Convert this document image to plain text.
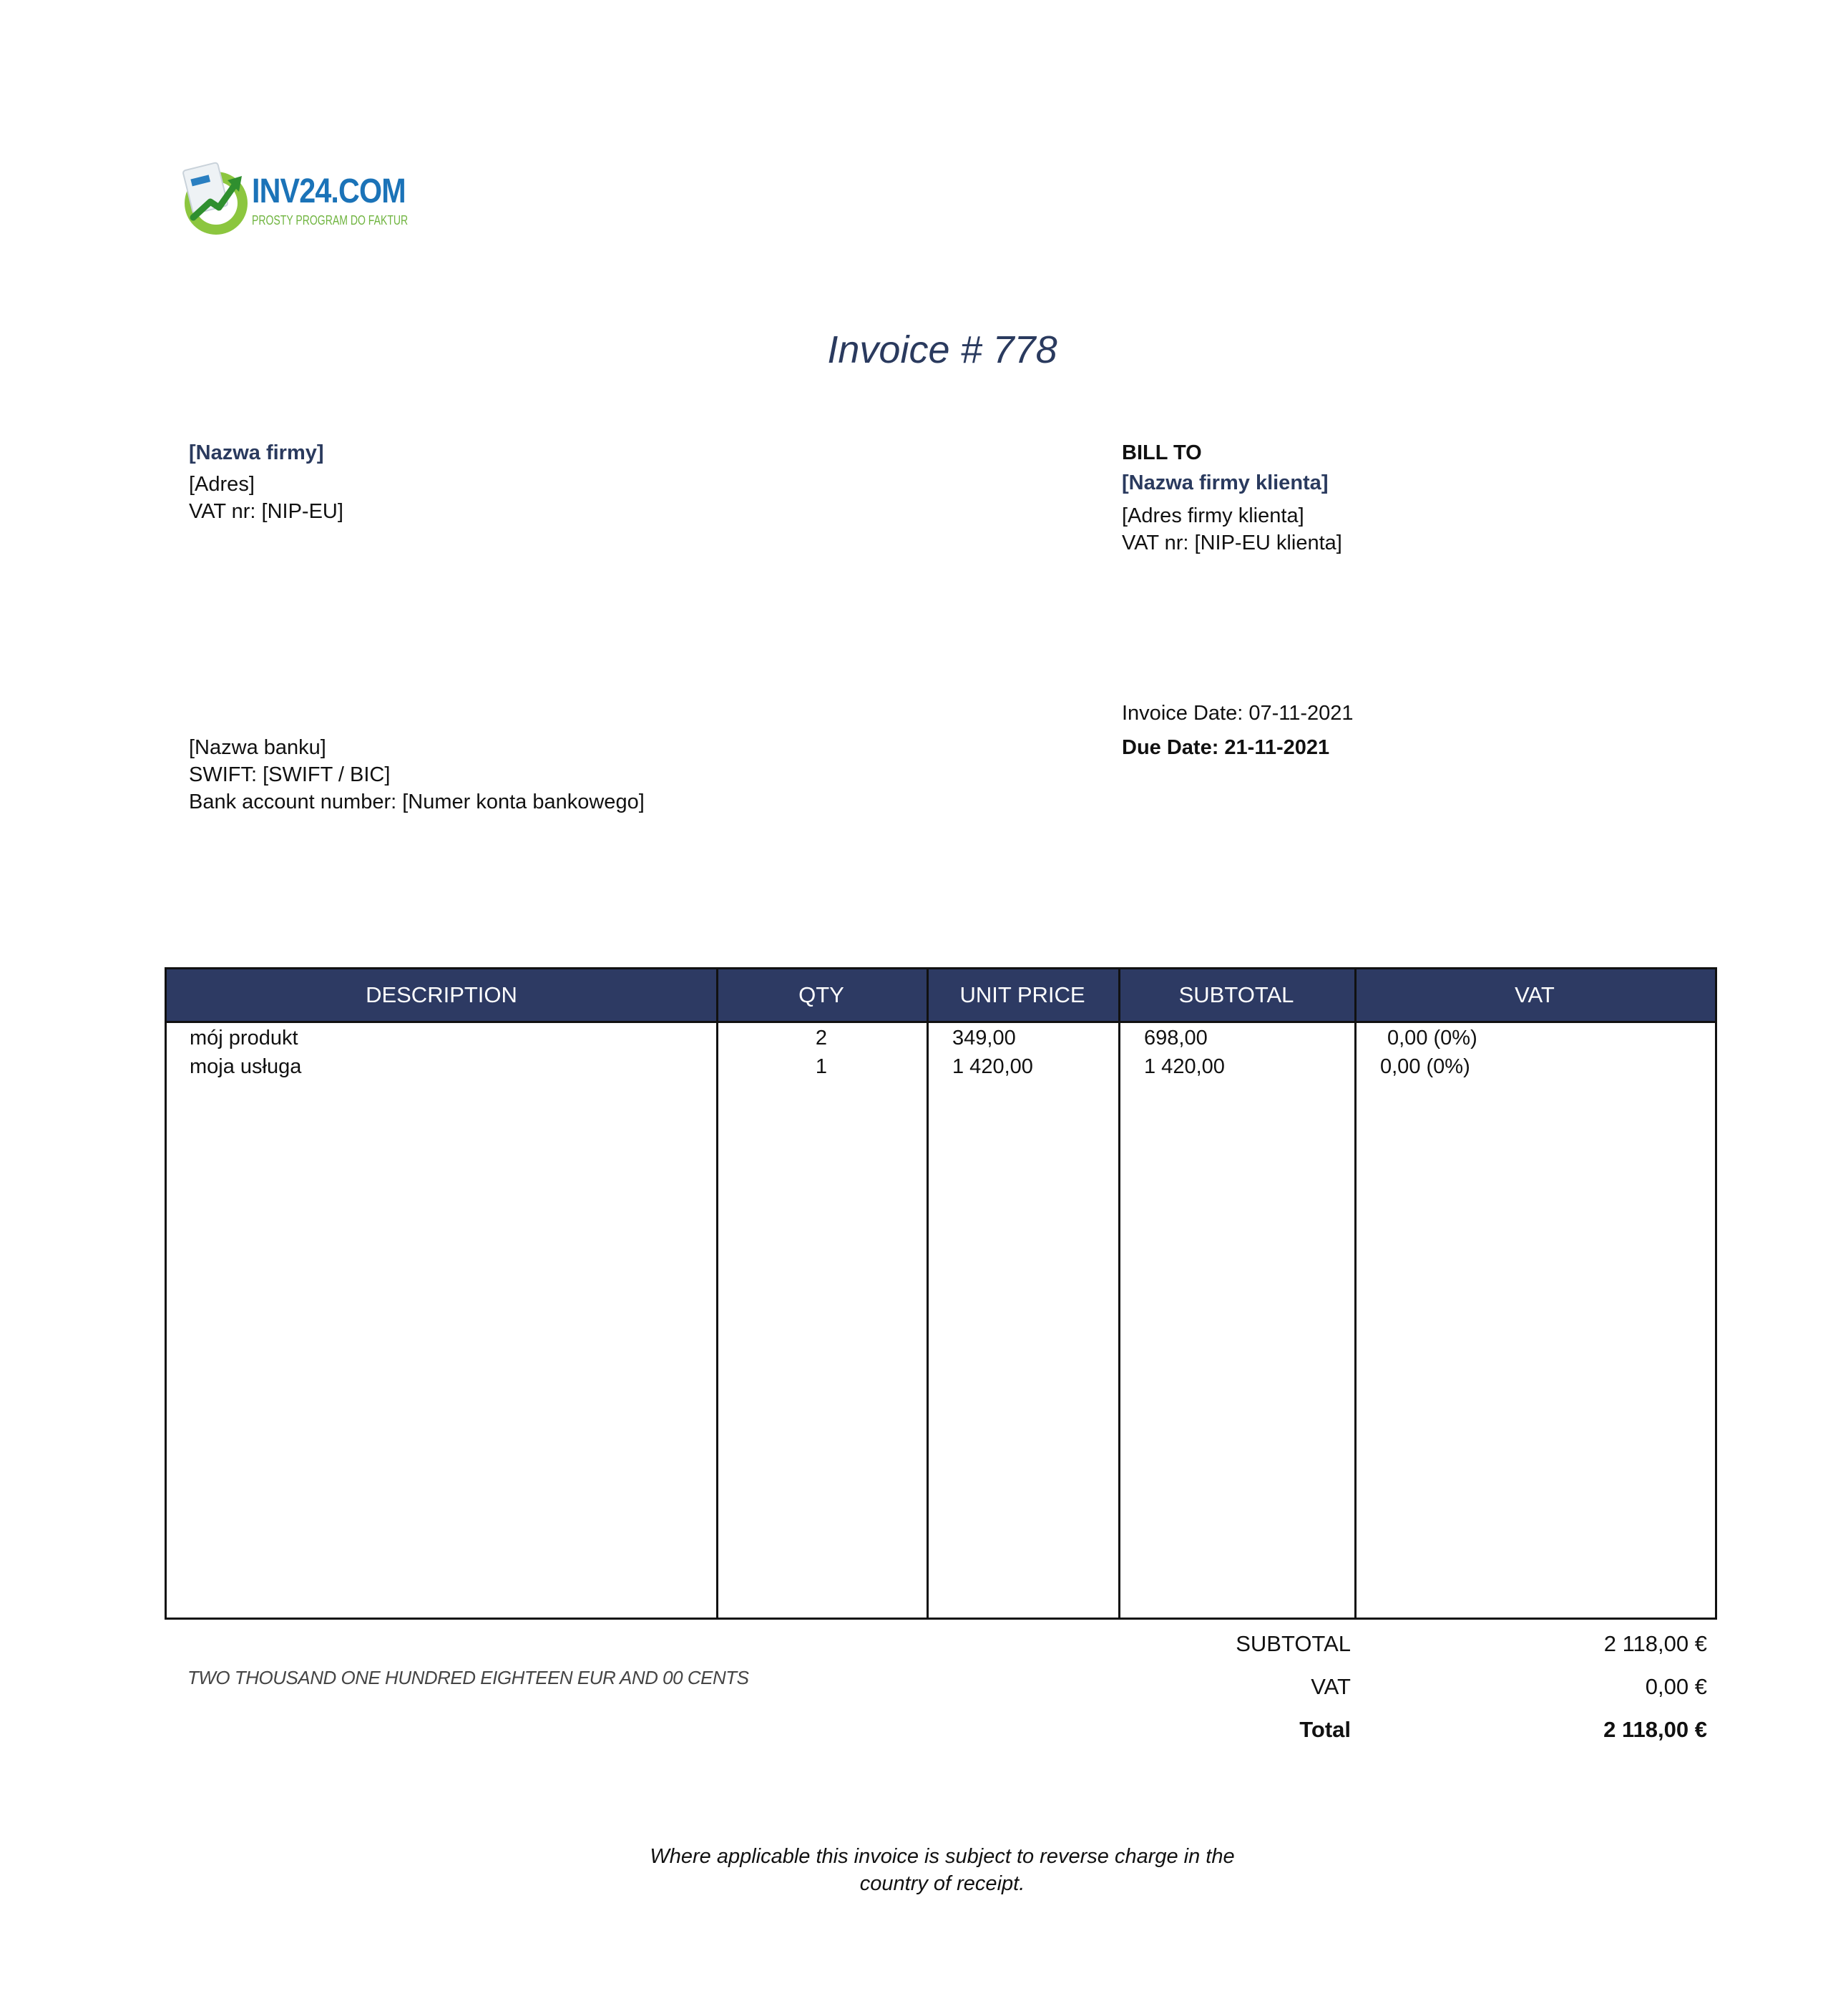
INV24.COM
PROSTY PROGRAM DO FAKTUR
Invoice # 778
[Nazwa firmy]
[Adres]
VAT nr: [NIP-EU]
BILL TO
[Nazwa firmy klienta]
[Adres firmy klienta]
VAT nr: [NIP-EU klienta]
Invoice Date: 07-11-2021
Due Date: 21-11-2021
[Nazwa banku]
SWIFT: [SWIFT / BIC]
Bank account number: [Numer konta bankowego]
DESCRIPTION	QTY	UNIT PRICE	SUBTOTAL	VAT
mój produkt	2	349,00	698,00	0,00 (0%)
moja usługa	1	1 420,00	1 420,00	0,00 (0%)
TWO THOUSAND ONE HUNDRED EIGHTEEN EUR AND 00 CENTS
SUBTOTAL	2 118,00 €
VAT	0,00 €
Total	2 118,00 €
Where applicable this invoice is subject to reverse charge in the
country of receipt.
